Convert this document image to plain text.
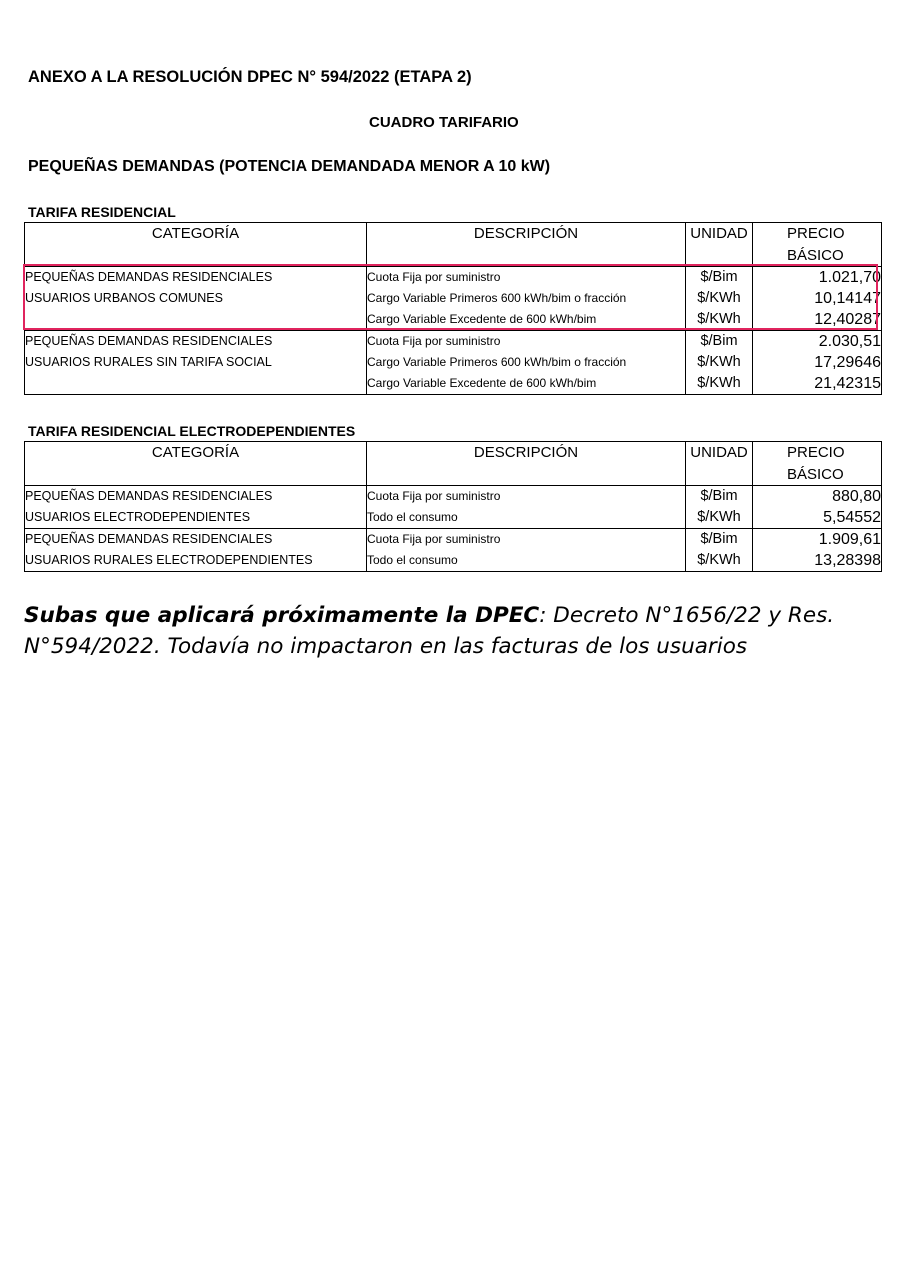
ANEXO A LA RESOLUCIÓN DPEC N° 594/2022 (ETAPA 2)
CUADRO TARIFARIO
PEQUEÑAS DEMANDAS (POTENCIA DEMANDADA MENOR A 10 kW)
TARIFA RESIDENCIAL
CATEGORÍA	DESCRIPCIÓN	UNIDAD	PRECIO
			BÁSICO
PEQUEÑAS DEMANDAS RESIDENCIALES	Cuota Fija por suministro	$/Bim	1.021,70
USUARIOS URBANOS COMUNES	Cargo Variable Primeros 600 kWh/bim o fracción	$/KWh	10,14147
	Cargo Variable Excedente de 600 kWh/bim	$/KWh	12,40287
PEQUEÑAS DEMANDAS RESIDENCIALES	Cuota Fija por suministro	$/Bim	2.030,51
USUARIOS RURALES SIN TARIFA SOCIAL	Cargo Variable Primeros 600 kWh/bim o fracción	$/KWh	17,29646
	Cargo Variable Excedente de 600 kWh/bim	$/KWh	21,42315
TARIFA RESIDENCIAL ELECTRODEPENDIENTES
CATEGORÍA	DESCRIPCIÓN	UNIDAD	PRECIO
			BÁSICO
PEQUEÑAS DEMANDAS RESIDENCIALES	Cuota Fija por suministro	$/Bim	880,80
USUARIOS ELECTRODEPENDIENTES	Todo el consumo	$/KWh	5,54552
PEQUEÑAS DEMANDAS RESIDENCIALES	Cuota Fija por suministro	$/Bim	1.909,61
USUARIOS RURALES ELECTRODEPENDIENTES	Todo el consumo	$/KWh	13,28398
Subas que aplicará próximamente la DPEC: Decreto N°1656/22 y Res. N°594/2022. Todavía no impactaron en las facturas de los usuarios
